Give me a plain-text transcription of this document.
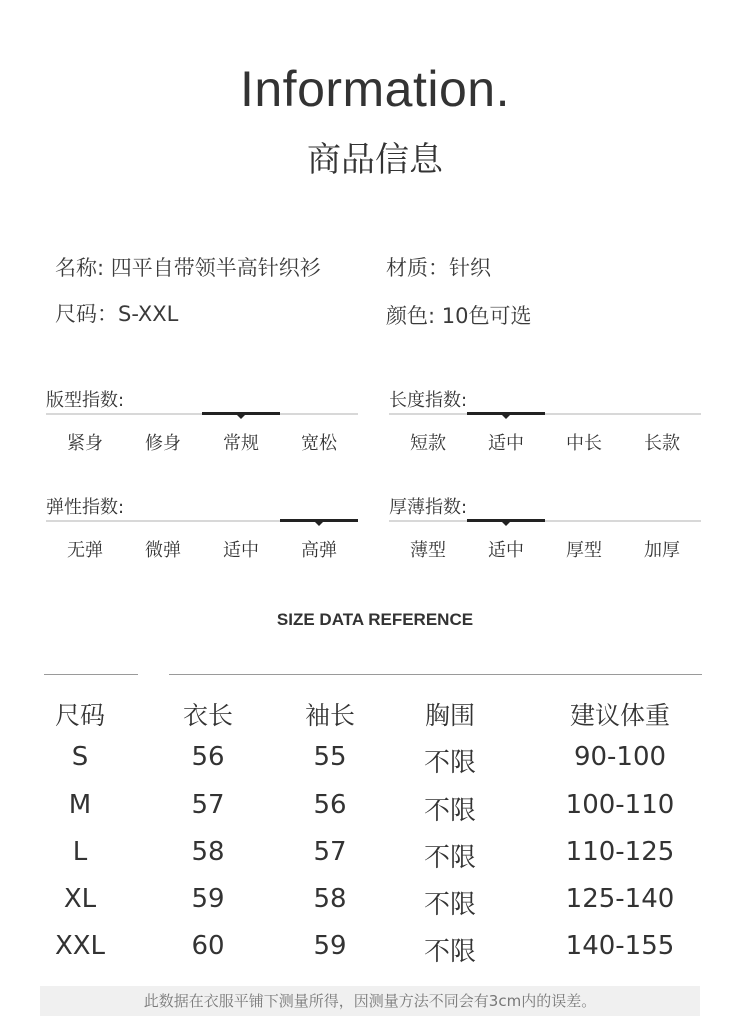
Information.
商品信息
名称: 四平自带领半高针织衫	材质：针织
尺码：S-XXL	颜色: 10色可选
版型指数:
紧身	修身	常规	宽松
长度指数:
短款	适中	中长	长款
弹性指数:
无弹	微弹	适中	高弹
厚薄指数:
薄型	适中	厚型	加厚
SIZE DATA REFERENCE
尺码	衣长	袖长	胸围	建议体重
S	56	55	不限	90-100
M	57	56	不限	100-110
L	58	57	不限	110-125
XL	59	58	不限	125-140
XXL	60	59	不限	140-155
此数据在衣服平铺下测量所得，因测量方法不同会有3cm内的误差。
